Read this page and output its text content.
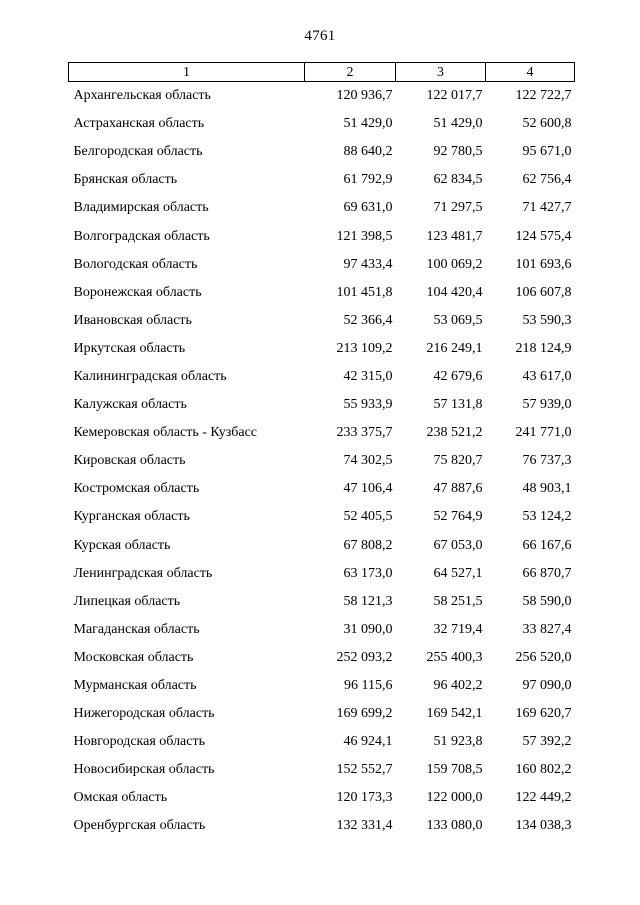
4761
1	2	3	4
Архангельская область	120 936,7	122 017,7	122 722,7
Астраханская область	51 429,0	51 429,0	52 600,8
Белгородская область	88 640,2	92 780,5	95 671,0
Брянская область	61 792,9	62 834,5	62 756,4
Владимирская область	69 631,0	71 297,5	71 427,7
Волгоградская область	121 398,5	123 481,7	124 575,4
Вологодская область	97 433,4	100 069,2	101 693,6
Воронежская область	101 451,8	104 420,4	106 607,8
Ивановская область	52 366,4	53 069,5	53 590,3
Иркутская область	213 109,2	216 249,1	218 124,9
Калининградская область	42 315,0	42 679,6	43 617,0
Калужская область	55 933,9	57 131,8	57 939,0
Кемеровская область - Кузбасс	233 375,7	238 521,2	241 771,0
Кировская область	74 302,5	75 820,7	76 737,3
Костромская область	47 106,4	47 887,6	48 903,1
Курганская область	52 405,5	52 764,9	53 124,2
Курская область	67 808,2	67 053,0	66 167,6
Ленинградская область	63 173,0	64 527,1	66 870,7
Липецкая область	58 121,3	58 251,5	58 590,0
Магаданская область	31 090,0	32 719,4	33 827,4
Московская область	252 093,2	255 400,3	256 520,0
Мурманская область	96 115,6	96 402,2	97 090,0
Нижегородская область	169 699,2	169 542,1	169 620,7
Новгородская область	46 924,1	51 923,8	57 392,2
Новосибирская область	152 552,7	159 708,5	160 802,2
Омская область	120 173,3	122 000,0	122 449,2
Оренбургская область	132 331,4	133 080,0	134 038,3
